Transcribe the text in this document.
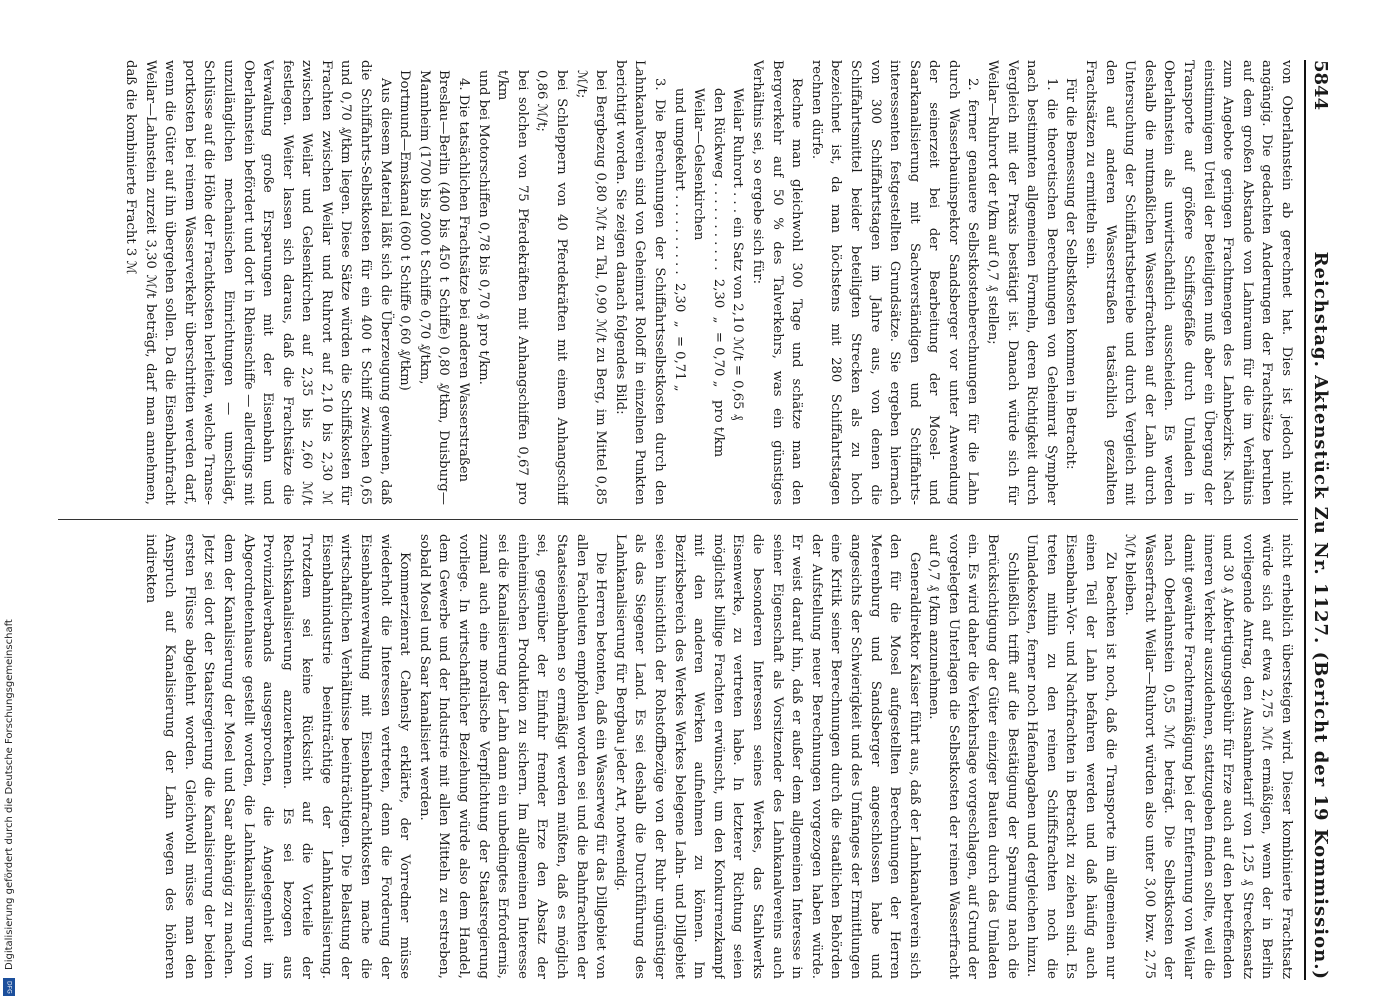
5844
Reichstag. Aktenstück Zu Nr. 1127. (Bericht der 19 Kommission.)

von Oberlahnstein ab gerechnet hat. Dies ist jedoch nicht angängig. Die gedachten Anderungen der Frachtsätze beruhen auf dem großen Abstande von Lahnraum für die im Verhältnis zum Angebote geringen Frachtmengen des Lahnbezirks. Nach einstimmigem Urteil der Beteiligten muß aber ein Übergang der Transporte auf größere Schiffsgefäße durch Umladen in Oberlahnstein als unwirtschaftlich ausscheiden. Es werden deshalb die mutmaßlichen Wasserfrachten auf der Lahn durch Untersuchung der Schiffahrtsbetriebe und durch Vergleich mit den auf anderen Wasserstraßen tatsächlich gezahlten Frachtsätzen zu ermitteln sein.

Für die Bemessung der Selbstkosten kommen in Betracht:

1. die theoretischen Berechnungen von Geheimrat Sympher nach bestimmten allgemeinen Formeln, deren Richtigkeit durch Vergleich mit der Praxis bestätigt ist. Danach würde sich für Weilar—Ruhrort der t/km auf 0,7 ₰ stellen;

2. ferner genauere Selbstkostenberechnungen für die Lahn durch Wasserbauinspektor Sandsberger vor unter Anwendung der seinerzeit bei der Bearbeitung der Mosel- und Saarkanalisierung mit Sachverständigen und Schiffahrtsinteressenten festgestellten Grundsätze. Sie ergeben hiernach von 300 Schiffahrtstagen im Jahre aus, von denen die Schiffahrtsmittel beider beteiligten Strecken als zu hoch bezeichnet ist, da man höchstens mit 280 Schiffahrtstagen rechnen dürfe.

Rechne man gleichwohl 300 Tage und schätze man den Bergverkehr auf 50 % des Talverkehrs, was ein günstiges Verhältnis sei, so ergebe sich für:

Weilar Ruhrort . . . ein Satz von 2,10 ℳ/t = 0,65 ₰

den Rückweg . . . . . . . . . . .  2,30  „  = 0,70 „   pro t/km

Weilar—Gelsenkirchen

und umgekehrt . . . . . . . . . .  2,30  „  = 0,71 „

3. Die Berechnungen der Schiffahrtsselbstkosten durch den Lahnkanalverein sind von Geheimrat Roloff in einzelnen Punkten berichtigt worden. Sie zeigen danach folgendes Bild:

bei Bergbezug 0,80 ℳ/t zu Tal, 0,90 ℳ/t zu Berg, im Mittel 0,85 ℳ/t;

bei Schleppern von 40 Pferdekräften mit einem Anhangschiff 0,86 ℳ/t;

bei solchen von 75 Pferdekräften mit Anhangschiffen 0,67 pro t/km

und bei Motorschiffen 0,78 bis 0,70 ₰ pro t/km.

4. Die tatsächlichen Frachtsätze bei anderen Wasserstraßen

Breslau—Berlin (400 bis 450 t Schiffe) 0,80 ₰/tkm, Duisburg—Mannheim (1700 bis 2000 t Schiffe 0,70 ₰/tkm,

Dortmund—Emskanal (600 t Schiffe 0,60 ₰/tkm)

Aus diesem Material läßt sich die Überzeugung gewinnen, daß die Schiffahrts-Selbstkosten für ein 400 t Schiff zwischen 0,65 und 0,70 ₰/tkm liegen. Diese Sätze würden die Schiffskosten für Frachten zwischen Weilar und Ruhrort auf 2,10 bis 2,30 ℳ zwischen Weilar und Gelsenkirchen auf 2,35 bis 2,60 ℳ/t festlegen. Weiter lassen sich daraus, daß die Frachtsätze die Verwaltung große Ersparungen mit der Eisenbahn und Oberlahnstein befördert und dort in Rheinschiffe — allerdings mit unzulänglichen mechanischen Einrichtungen — umschlägt, Schlüsse auf die Höhe der Frachtkosten herleiten, welche Transeportkosten bei reinem Wasserverkehr überschritten werden darf, wenn die Güter auf ihn übergehen sollen. Da die Eisenbahnfracht Weilar—Lahnstein zurzeit 3,30 ℳ/t beträgt, darf man annehmen, daß die kombinierte Fracht 3 ℳ

nicht erheblich übersteigen wird. Dieser kombinierte Frachtsatz würde sich auf etwa 2,75 ℳ/t ermäßigen, wenn der in Berlin vorliegende Antrag, den Ausnahmetarif von 1,25 ₰ Streckensatz und 30 ₰ Abfertigungsgebühr für Erze auch auf den betreffenden inneren Verkehr auszudehnen, stattzugeben finden sollte, weil die damit gewährte Frachtermäßigung bei der Entfernung von Weilar nach Oberlahnstein 0,55 ℳ/t beträgt. Die Selbstkosten der Wasserfracht Weilar—Ruhrort würden also unter 3,00 bzw. 2,75 ℳ/t bleiben.

Zu beachten ist noch, daß die Transporte im allgemeinen nur einen Teil der Lahn befahren werden und daß häufig auch Eisenbahn-Vor- und Nachfrachten in Betracht zu ziehen sind. Es treten mithin zu den reinen Schiffsfrachten noch die Umladekosten, ferner noch Hafenabgaben und dergleichen hinzu.

Schließlich trifft auf die Bestätigung der Sparnung nach die Berücksichtigung der Güter einziger Bauten durch das Umladen ein. Es wird daher die Verkehrslage vorgeschlagen, auf Grund der vorgelegten Unterlagen die Selbstkosten der reinen Wasserfracht auf 0,7 ₰ t/km anzunehmen.

Generaldirektor Kaiser führt aus, daß der Lahnkanalverein sich den für die Mosel aufgestellten Berechnungen der Herren Meerenburg und Sandsberger angeschlossen habe und angesichts der Schwierigkeit und des Umfanges der Ermittlungen eine Kritik seiner Berechnungen durch die staatlichen Behörden der Aufstellung neuer Berechnungen vorgezogen haben würde. Er weist darauf hin, daß er außer dem allgemeinen Interesse in seiner Eigenschaft als Vorsitzender des Lahnkanalvereins auch die besonderen Interessen seines Werkes, das Stahlwerks Eisenwerke, zu vertreten habe. In letzterer Richtung seien möglichst billige Frachten erwünscht, um den Konkurrenzkampf mit den anderen Werken aufnehmen zu können. Im Bezirksbereich des Werkes Werkes belegene Lahn- und Dillgebiet seien hinsichtlich der Rohstoffbezüge von der Ruhr ungünstiger als das Siegener Land. Es sei deshalb die Durchführung des Lahnkanalisierung für Bergbau jeder Art, notwendig.

Die Herren betonten, daß ein Wasserweg für das Dillgebiet von allen Fachleuten empfohlen worden sei und die Bahnfrachten der Staatseisenbahnen so ermäßigt werden müßten, daß es möglich sei, gegenüber der Einfuhr fremder Erze den Absatz der einheimischen Produktion zu sichern. Im allgemeinen Interesse sei die Kanalisierung der Lahn dann ein unbedingtes Erfordernis, zumal auch eine moralische Verpflichtung der Staatsregierung vorliege. In wirtschaftlicher Beziehung würde also dem Handel, dem Gewerbe und der Industrie mit allen Mitteln zu erstreben, sobald Mosel und Saar kanalisiert werden.

Kommerzienrat Cahensly erklärte, der Vorredner müsse wiederholt die Interessen vertreten, denn die Forderung der Eisenbahnverwaltung mit Eisenbahnfrachtkosten mache die wirtschaftlichen Verhältnisse beeinträchtigen. Die Belastung der Eisenbahnindustrie beeinträchtige der Lahnkanalisierung. Trotzdem sei keine Rücksicht auf die Vorteile der Rechtskanalisierung anzuerkennen. Es sei bezogen aus Provinzialverbands ausgesprochen, die Angelegenheit im Abgeordnetenhause gestellt worden, die Lahnkanalisierung von dem der Kanalisierung der Mosel und Saar abhängig zu machen. Jetzt sei dort der Staatsregierung die Kanalisierung der beiden ersten Flüsse abgelehnt worden. Gleichwohl müsse man den Anspruch auf Kanalisierung der Lahn wegen des höheren indirekten

Digitalisierung gefördert durch die Deutsche Forschungsgemeinschaft
DFG
